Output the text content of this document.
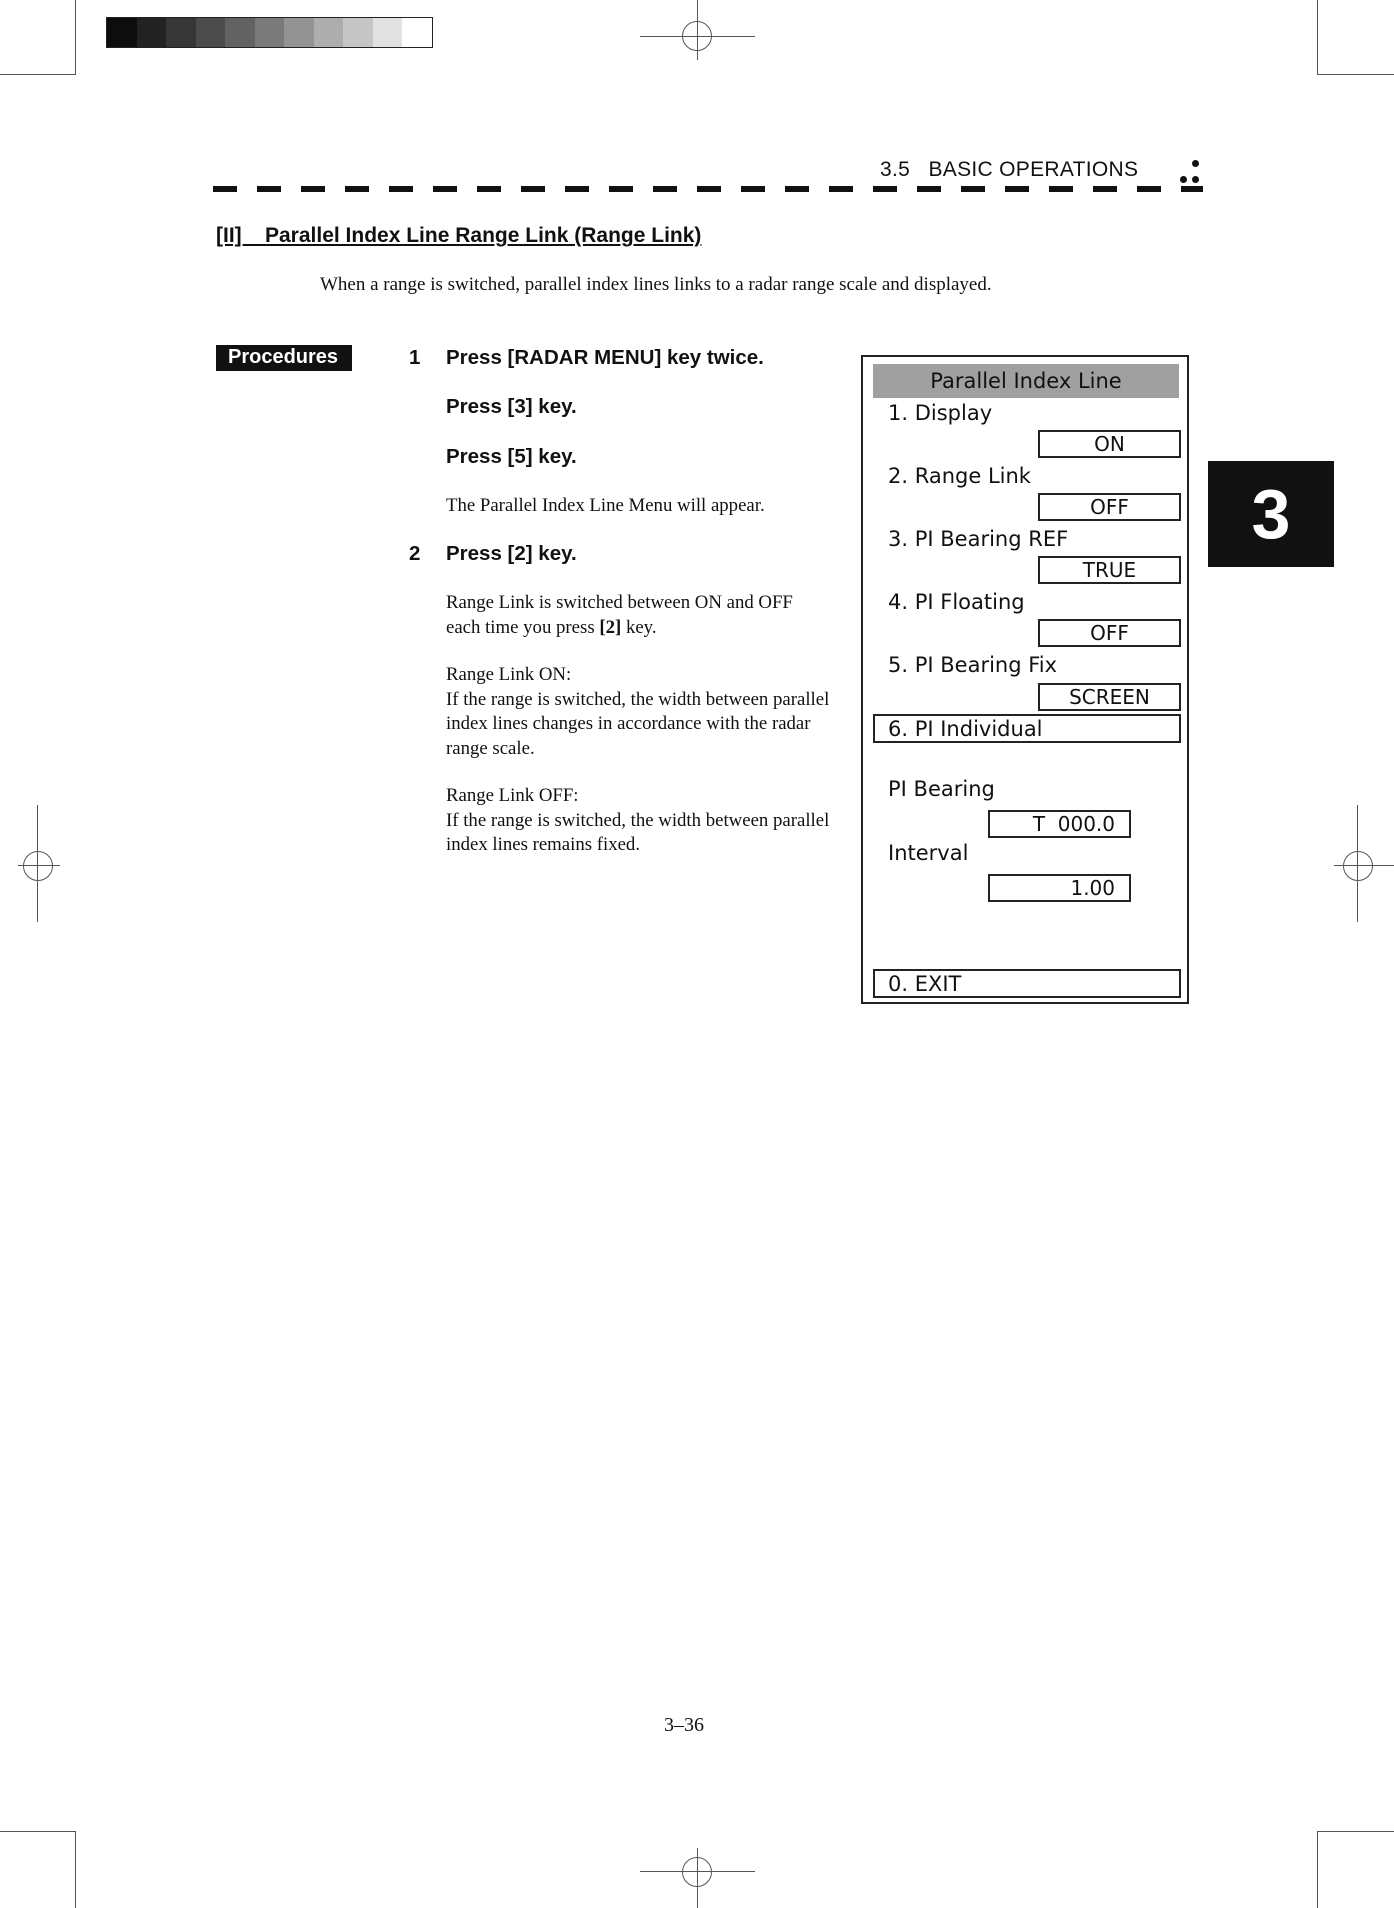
3.5   BASIC OPERATIONS
[II]    Parallel Index Line Range Link (Range Link)
When a range is switched, parallel index lines links to a radar range scale and displayed.
Procedures	1 Press [RADAR MENU] key twice.
Press [3] key.
Press [5] key.
The Parallel Index Line Menu will appear.
2 Press [2] key.
Range Link is switched between ON and OFF
each time you press [2] key.
Range Link ON:
If the range is switched, the width between parallel index lines changes in accordance with the radar range scale.
Range Link OFF:
If the range is switched, the width between parallel index lines remains fixed.
3
Parallel Index Line
1. Display
ON
2. Range Link
OFF
3. PI Bearing REF
TRUE
4. PI Floating
OFF
5. PI Bearing Fix
SCREEN
6. PI Individual
PI Bearing
T  000.0
Interval
1.00
0. EXIT
3–36
